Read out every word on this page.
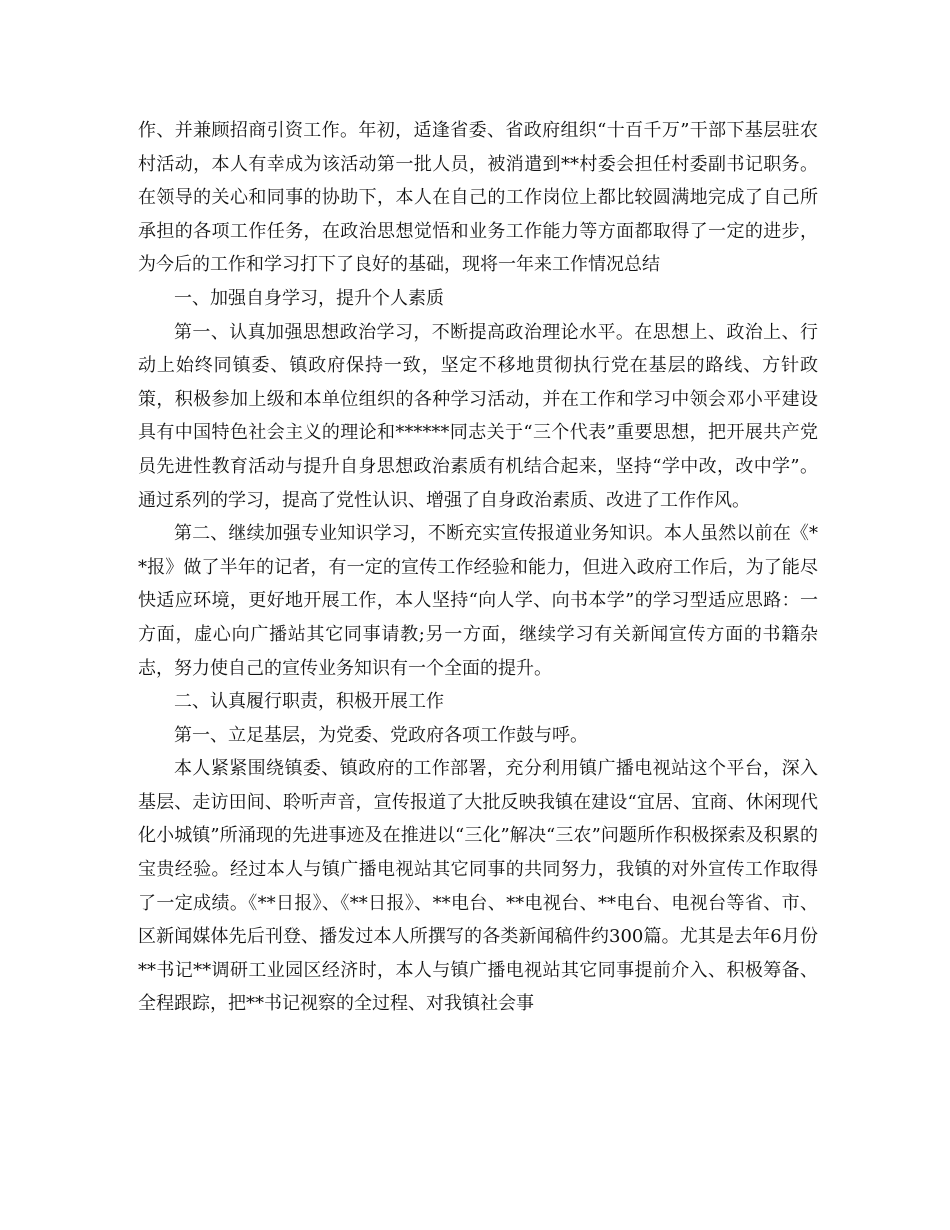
作、并兼顾招商引资工作。年初，适逢省委、省政府组织“十百千万”干部下基层驻农村活动，本人有幸成为该活动第一批人员，被消遣到**村委会担任村委副书记职务。在领导的关心和同事的协助下，本人在自己的工作岗位上都比较圆满地完成了自己所承担的各项工作任务，在政治思想觉悟和业务工作能力等方面都取得了一定的进步，为今后的工作和学习打下了良好的基础，现将一年来工作情况总结

一、加强自身学习，提升个人素质

第一、认真加强思想政治学习，不断提高政治理论水平。在思想上、政治上、行动上始终同镇委、镇政府保持一致，坚定不移地贯彻执行党在基层的路线、方针政策，积极参加上级和本单位组织的各种学习活动，并在工作和学习中领会邓小平建设具有中国特色社会主义的理论和******同志关于“三个代表”重要思想，把开展共产党员先进性教育活动与提升自身思想政治素质有机结合起来，坚持“学中改，改中学”。通过系列的学习，提高了党性认识、增强了自身政治素质、改进了工作作风。

第二、继续加强专业知识学习，不断充实宣传报道业务知识。本人虽然以前在《**报》做了半年的记者，有一定的宣传工作经验和能力，但进入政府工作后，为了能尽快适应环境，更好地开展工作，本人坚持“向人学、向书本学”的学习型适应思路：一方面，虚心向广播站其它同事请教;另一方面，继续学习有关新闻宣传方面的书籍杂志，努力使自己的宣传业务知识有一个全面的提升。

二、认真履行职责，积极开展工作

第一、立足基层，为党委、党政府各项工作鼓与呼。

本人紧紧围绕镇委、镇政府的工作部署，充分利用镇广播电视站这个平台，深入基层、走访田间、聆听声音，宣传报道了大批反映我镇在建设“宜居、宜商、休闲现代化小城镇”所涌现的先进事迹及在推进以“三化”解决“三农”问题所作积极探索及积累的宝贵经验。经过本人与镇广播电视站其它同事的共同努力，我镇的对外宣传工作取得了一定成绩。《**日报》、《**日报》、**电台、**电视台、**电台、电视台等省、市、区新闻媒体先后刊登、播发过本人所撰写的各类新闻稿件约300篇。尤其是去年6月份**书记**调研工业园区经济时，本人与镇广播电视站其它同事提前介入、积极筹备、全程跟踪，把**书记视察的全过程、对我镇社会事
